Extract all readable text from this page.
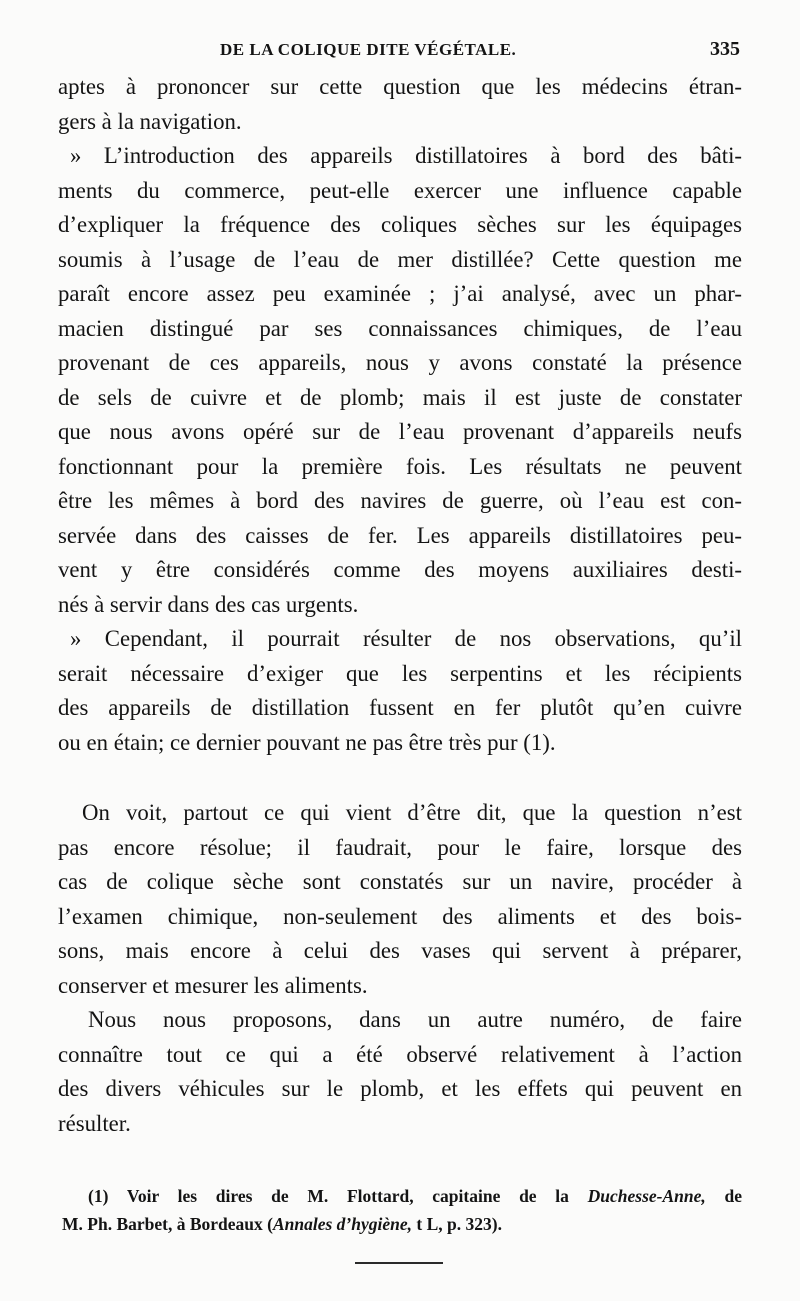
DE LA COLIQUE DITE VÉGÉTALE.	335
aptes à prononcer sur cette question que les médecins étran-
gers à la navigation.
» L’introduction des appareils distillatoires à bord des bâti-
ments du commerce, peut-elle exercer une influence capable
d’expliquer la fréquence des coliques sèches sur les équipages
soumis à l’usage de l’eau de mer distillée? Cette question me
paraît encore assez peu examinée ; j’ai analysé, avec un phar-
macien distingué par ses connaissances chimiques, de l’eau
provenant de ces appareils, nous y avons constaté la présence
de sels de cuivre et de plomb; mais il est juste de constater
que nous avons opéré sur de l’eau provenant d’appareils neufs
fonctionnant pour la première fois. Les résultats ne peuvent
être les mêmes à bord des navires de guerre, où l’eau est con-
servée dans des caisses de fer. Les appareils distillatoires peu-
vent y être considérés comme des moyens auxiliaires desti-
nés à servir dans des cas urgents.
» Cependant, il pourrait résulter de nos observations, qu’il
serait nécessaire d’exiger que les serpentins et les récipients
des appareils de distillation fussent en fer plutôt qu’en cuivre
ou en étain; ce dernier pouvant ne pas être très pur (1).
On voit, partout ce qui vient d’être dit, que la question n’est
pas encore résolue; il faudrait, pour le faire, lorsque des
cas de colique sèche sont constatés sur un navire, procéder à
l’examen chimique, non-seulement des aliments et des bois-
sons, mais encore à celui des vases qui servent à préparer,
conserver et mesurer les aliments.
Nous nous proposons, dans un autre numéro, de faire
connaître tout ce qui a été observé relativement à l’action
des divers véhicules sur le plomb, et les effets qui peuvent en
résulter.
(1) Voir les dires de M. Flottard, capitaine de la Duchesse-Anne, de
M. Ph. Barbet, à Bordeaux (Annales d’hygiène, t L, p. 323).
